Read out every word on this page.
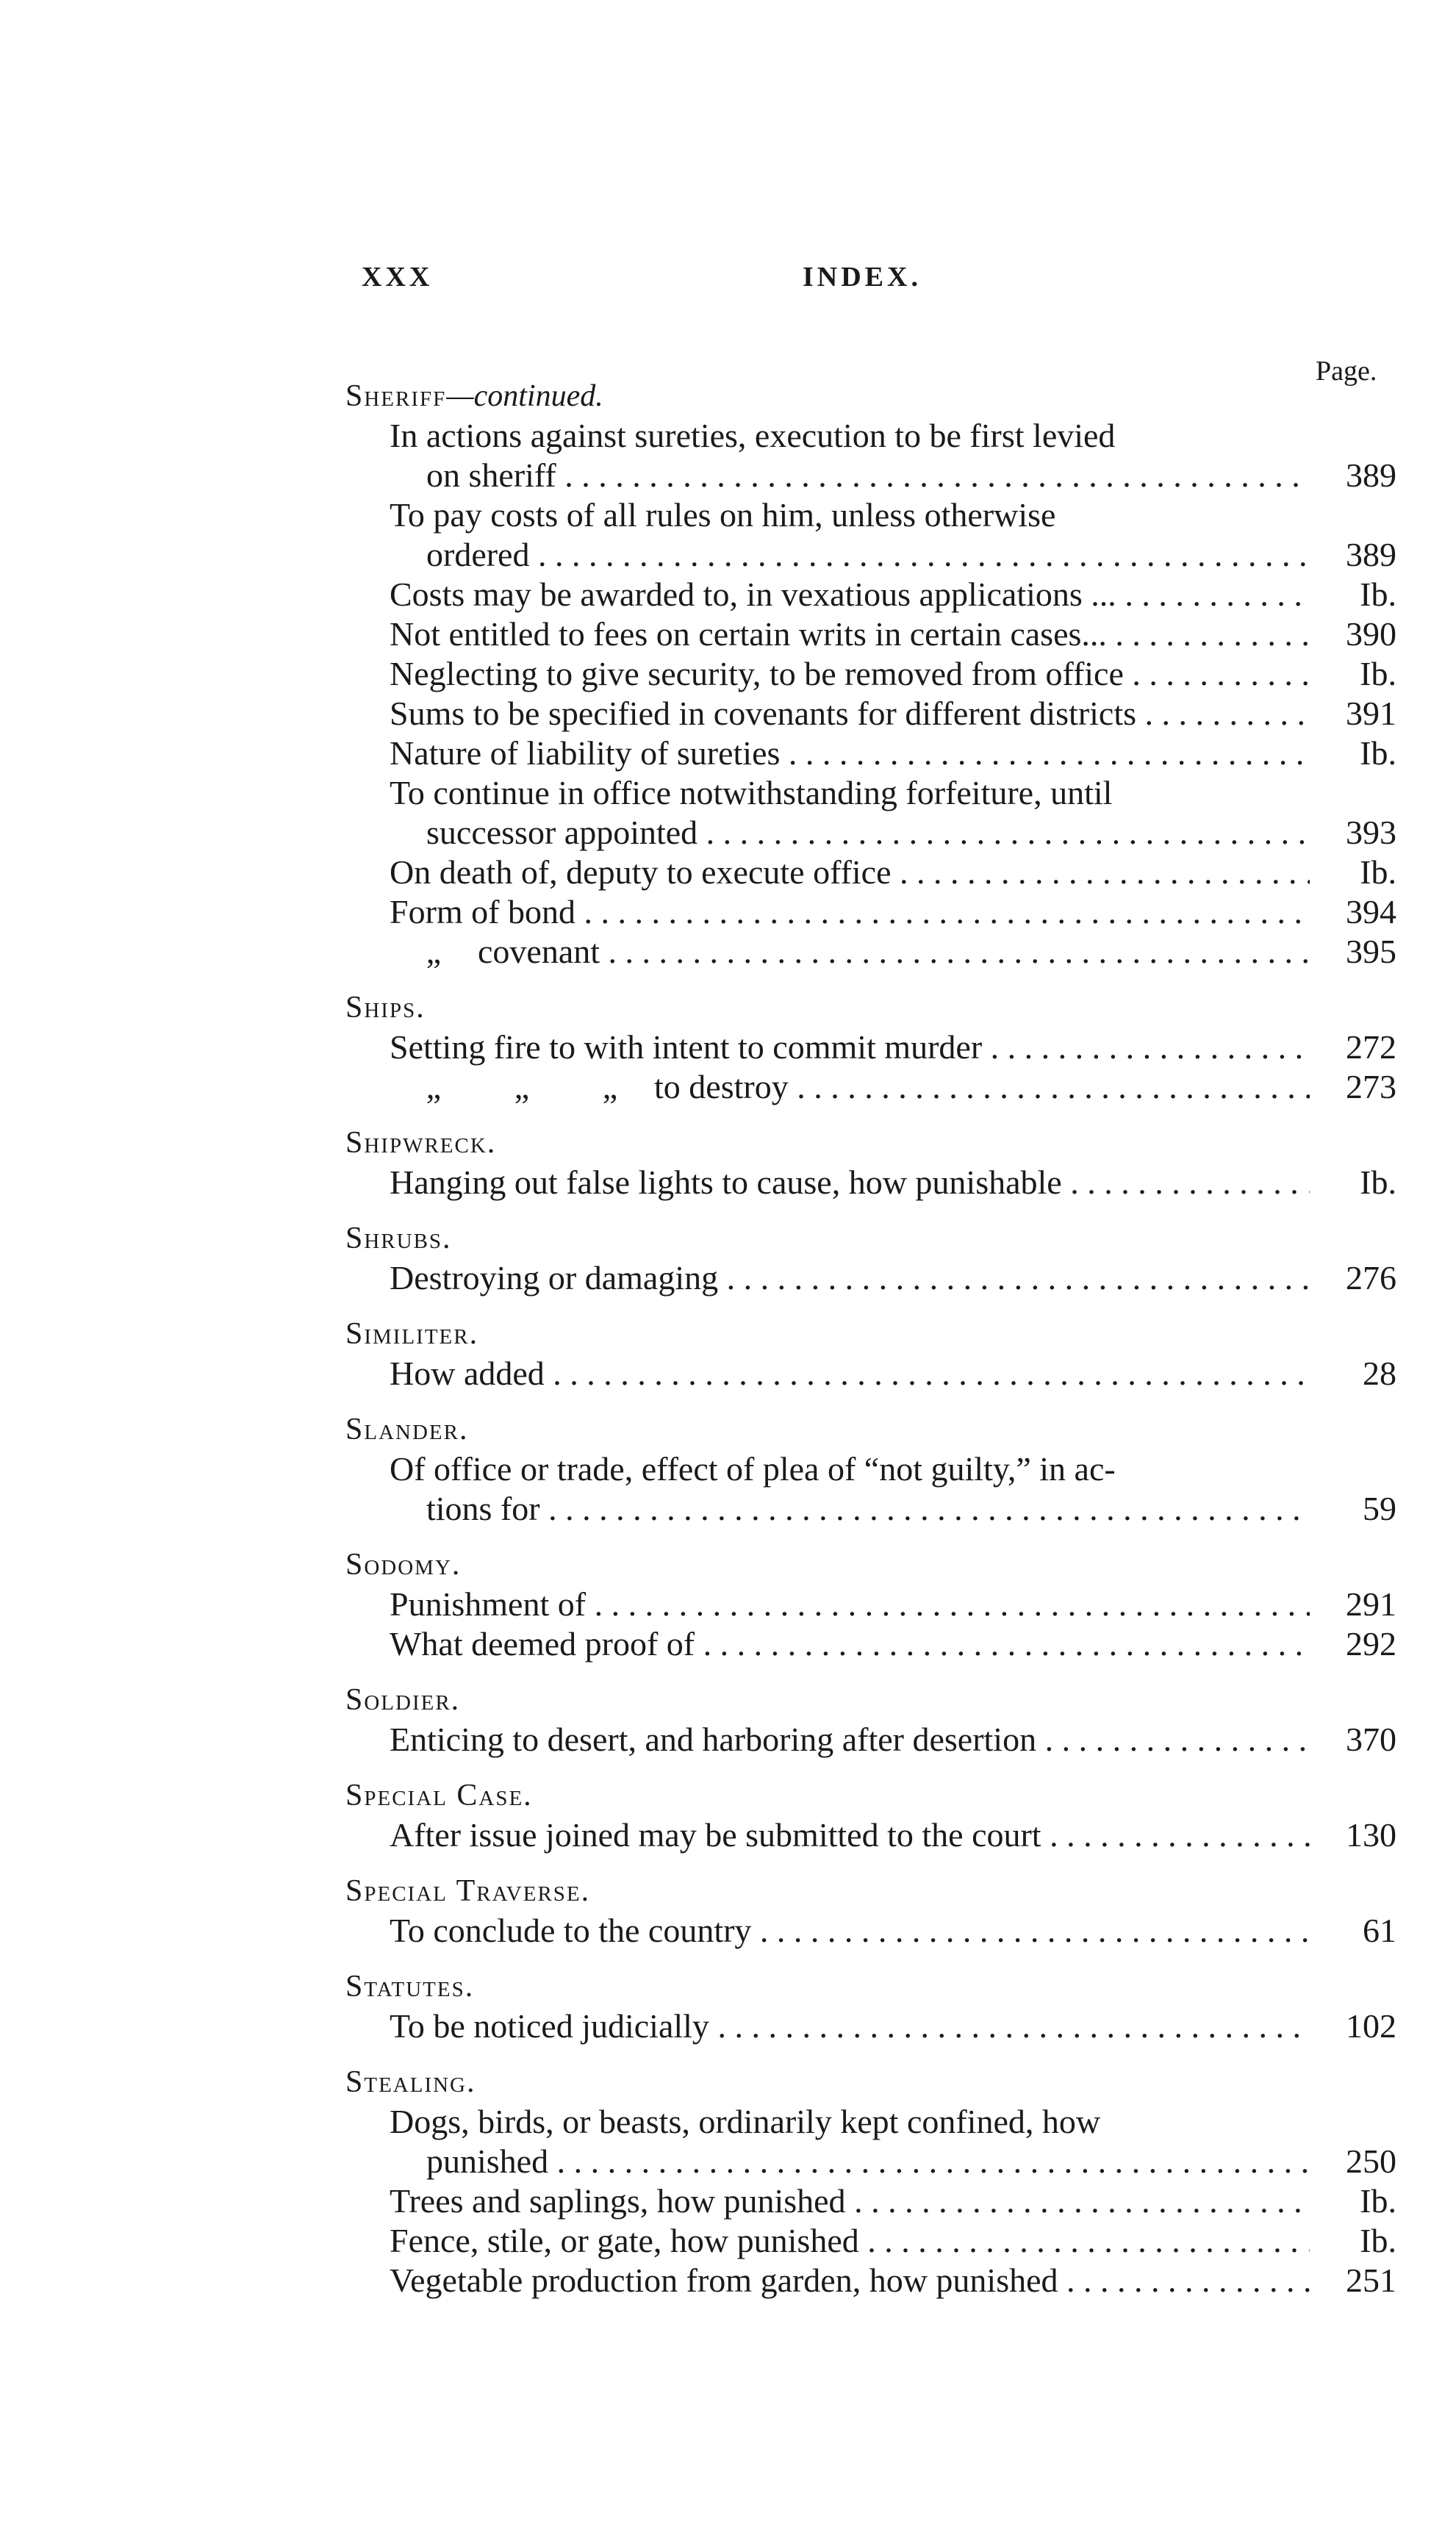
XXX	INDEX.
Page.
Sheriff—continued.
In actions against sureties, execution to be first levied
on sheriff . . .	389
To pay costs of all rules on him, unless otherwise
ordered . . .	389
Costs may be awarded to, in vexatious applications ... . . .	Ib.
Not entitled to fees on certain writs in certain cases... . . .	390
Neglecting to give security, to be removed from office . . .	Ib.
Sums to be specified in covenants for different districts . . .	391
Nature of liability of sureties . . .	Ib.
To continue in office notwithstanding forfeiture, until
successor appointed . . .	393
On death of, deputy to execute office . . .	Ib.
Form of bond . . .	394
„ covenant . . .	395
Ships.
Setting fire to with intent to commit murder . . .	272
„ „ „ to destroy . . .	273
Shipwreck.
Hanging out false lights to cause, how punishable . . .	Ib.
Shrubs.
Destroying or damaging . . .	276
Similiter.
How added . . .	28
Slander.
Of office or trade, effect of plea of “not guilty,” in ac-
tions for . . .	59
Sodomy.
Punishment of . . .	291
What deemed proof of . . .	292
Soldier.
Enticing to desert, and harboring after desertion . . .	370
Special Case.
After issue joined may be submitted to the court . . .	130
Special Traverse.
To conclude to the country . . .	61
Statutes.
To be noticed judicially . . .	102
Stealing.
Dogs, birds, or beasts, ordinarily kept confined, how
punished . . .	250
Trees and saplings, how punished . . .	Ib.
Fence, stile, or gate, how punished . . .	Ib.
Vegetable production from garden, how punished . . .	251
